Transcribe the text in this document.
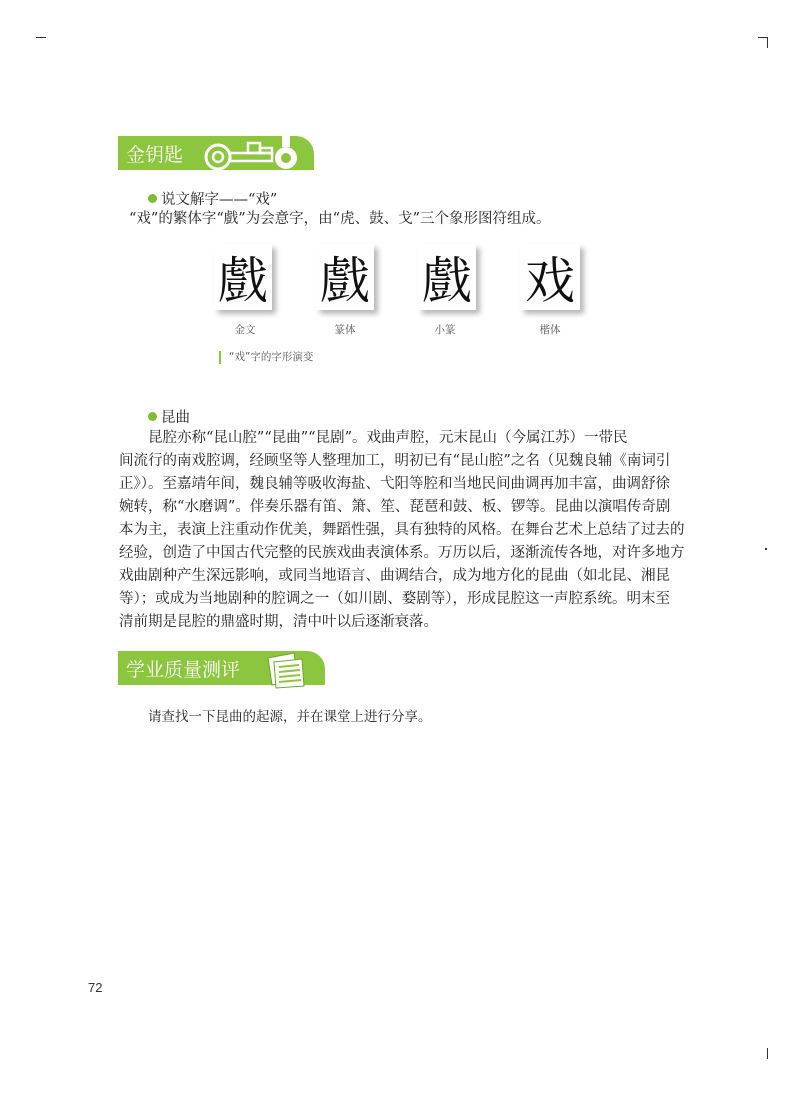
金钥匙
说文解字——“戏”

“戏”的繁体字“戲”为会意字，由“虎、鼓、戈”三个象形图符组成。

戲 戲 戲 戏
金文	篆体	小篆	楷体
“戏”字的字形演变
昆曲
昆腔亦称“昆山腔”“昆曲”“昆剧”。戏曲声腔，元末昆山（今属江苏）一带民
间流行的南戏腔调，经顾坚等人整理加工，明初已有“昆山腔”之名（见魏良辅《南词引
正》）。至嘉靖年间，魏良辅等吸收海盐、弋阳等腔和当地民间曲调再加丰富，曲调舒徐
婉转，称“水磨调”。伴奏乐器有笛、箫、笙、琵琶和鼓、板、锣等。昆曲以演唱传奇剧
本为主，表演上注重动作优美，舞蹈性强，具有独特的风格。在舞台艺术上总结了过去的
经验，创造了中国古代完整的民族戏曲表演体系。万历以后，逐渐流传各地，对许多地方
戏曲剧种产生深远影响，或同当地语言、曲调结合，成为地方化的昆曲（如北昆、湘昆
等）；或成为当地剧种的腔调之一（如川剧、婺剧等），形成昆腔这一声腔系统。明末至
清前期是昆腔的鼎盛时期，清中叶以后逐渐衰落。
学业质量测评

请查找一下昆曲的起源，并在课堂上进行分享。

72
